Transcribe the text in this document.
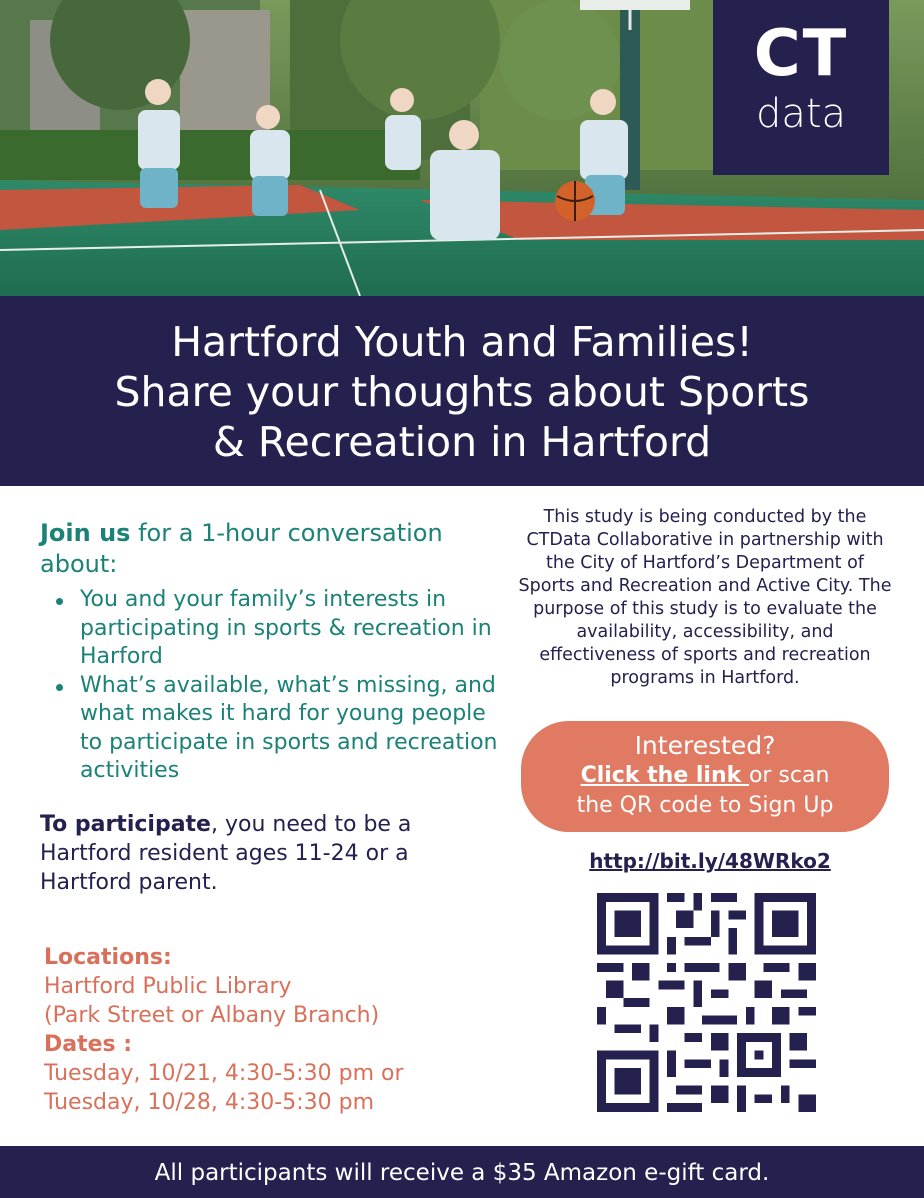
CT
data
Hartford Youth and Families!
Share your thoughts about Sports
& Recreation in Hartford
Join us for a 1-hour conversation about:
You and your family’s interests in participating in sports & recreation in Harford
What’s available, what’s missing, and what makes it hard for young people to participate in sports and recreation activities
To participate, you need to be a Hartford resident ages 11-24 or a Hartford parent.
Locations:
Hartford Public Library
(Park Street or Albany Branch)
Dates :
Tuesday, 10/21, 4:30-5:30 pm or
Tuesday, 10/28, 4:30-5:30 pm
This study is being conducted by the CTData Collaborative in partnership with the City of Hartford’s Department of Sports and Recreation and Active City. The purpose of this study is to evaluate the availability, accessibility, and effectiveness of sports and recreation programs in Hartford.
Interested?
Click the link or scan
the QR code to Sign Up
http://bit.ly/48WRko2
All participants will receive a $35 Amazon e-gift card.
